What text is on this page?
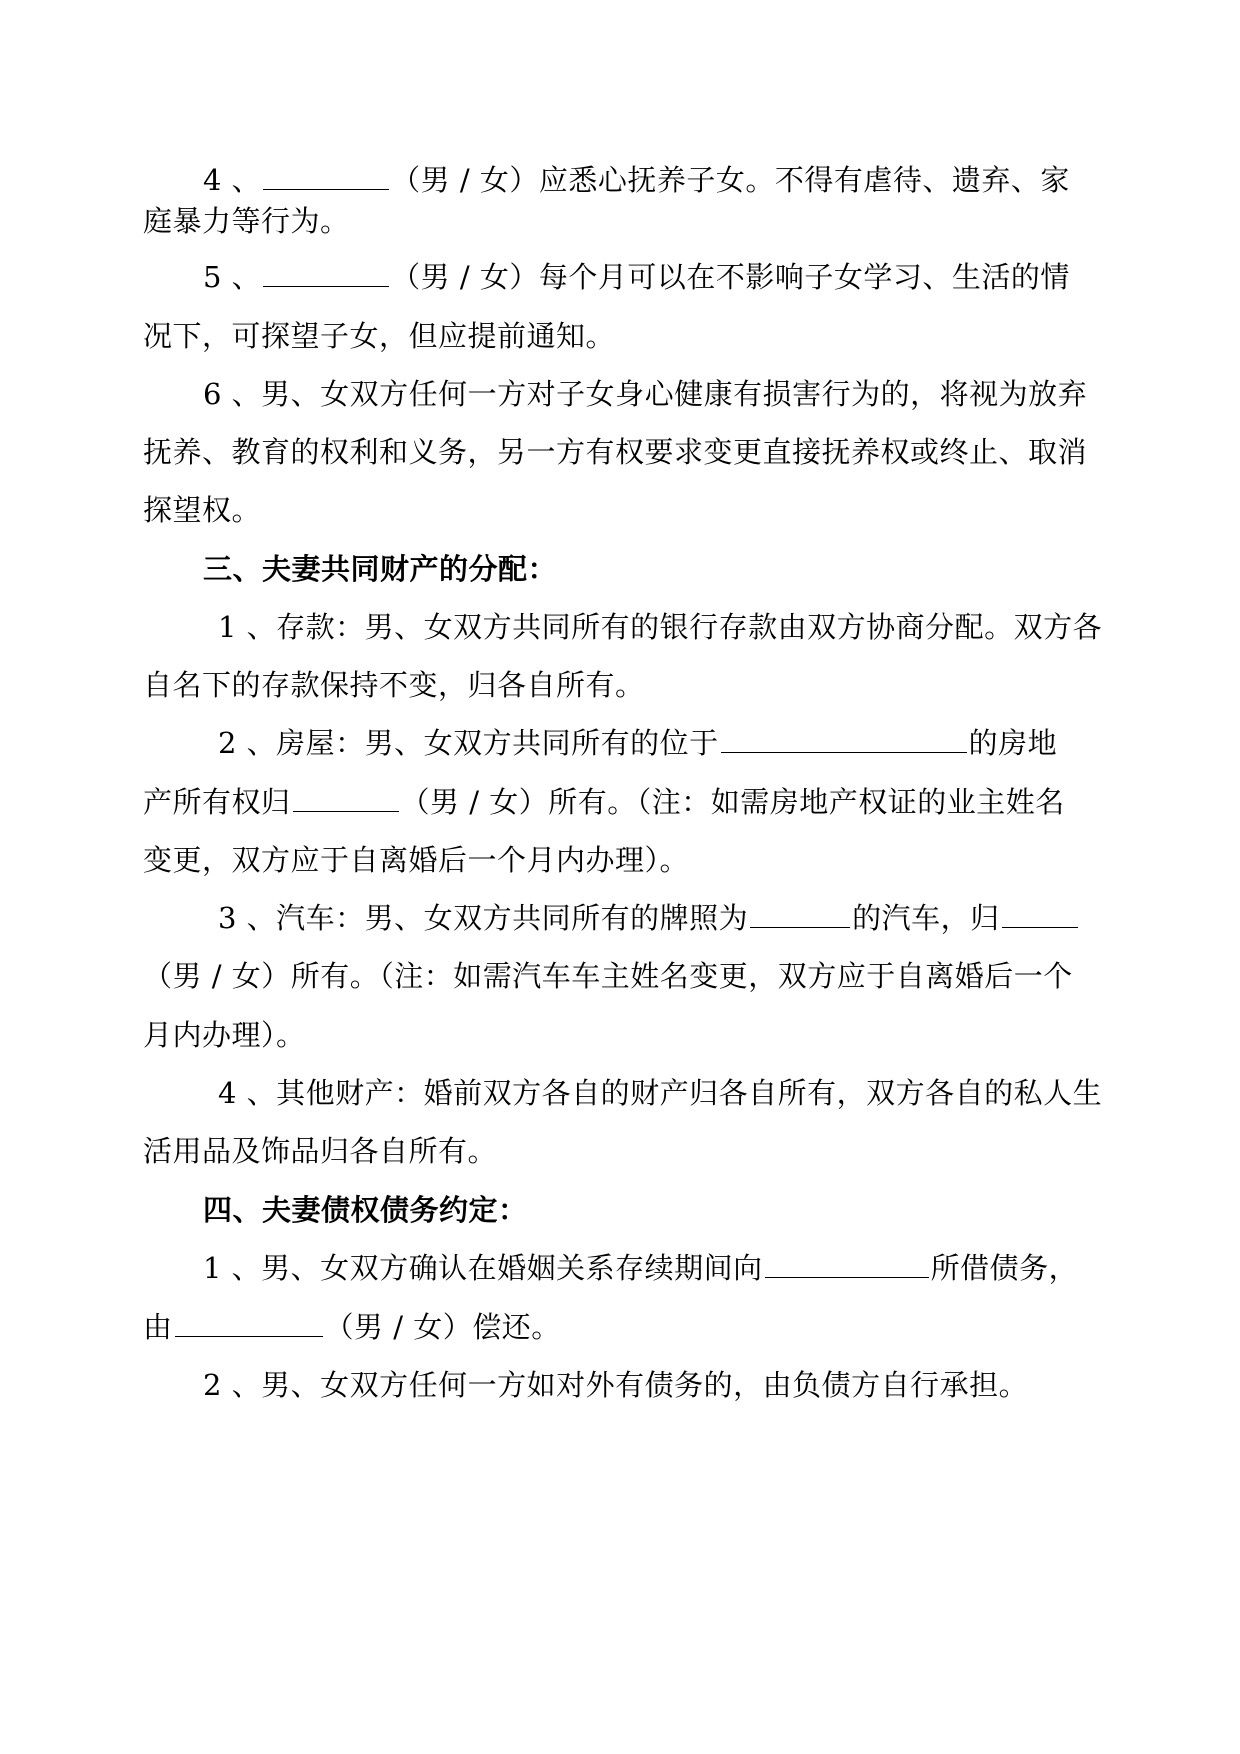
4 、	（男 / 女）应悉心抚养子女。不得有虐待、遗弃、家
庭暴力等行为。
5 、	（男 / 女）每个月可以在不影响子女学习、生活的情
况下，可探望子女，但应提前通知。
6 、男、女双方任何一方对子女身心健康有损害行为的，将视为放弃
抚养、教育的权利和义务，另一方有权要求变更直接抚养权或终止、取消
探望权。
三、夫妻共同财产的分配：
1 、存款：男、女双方共同所有的银行存款由双方协商分配。双方各
自名下的存款保持不变，归各自所有。
2 、房屋：男、女双方共同所有的位于	的房地
产所有权归	（男 / 女）所有。（注：如需房地产权证的业主姓名
变更，双方应于自离婚后一个月内办理）。
3 、汽车：男、女双方共同所有的牌照为	的汽车，归
（男 / 女）所有。（注：如需汽车车主姓名变更，双方应于自离婚后一个
月内办理）。
4 、其他财产：婚前双方各自的财产归各自所有，双方各自的私人生
活用品及饰品归各自所有。
四、夫妻债权债务约定：
1 、男、女双方确认在婚姻关系存续期间向	所借债务，
由	（男 / 女）偿还。
2 、男、女双方任何一方如对外有债务的，由负债方自行承担。
